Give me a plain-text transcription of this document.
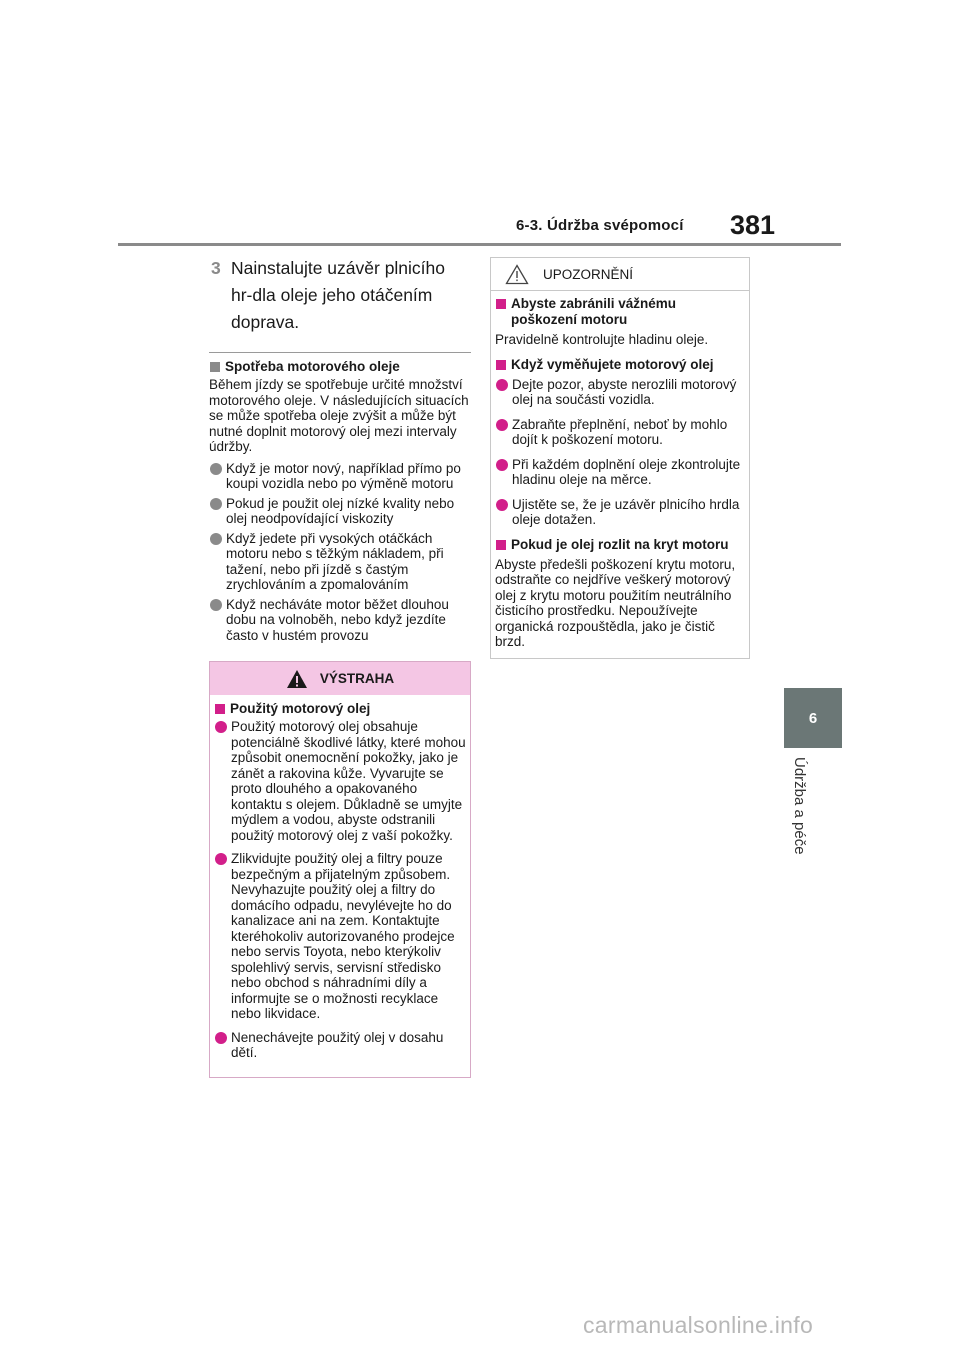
6-3. Údržba svépomocí 381
6
Údržba a péče
3 Nainstalujte uzávěr plnicího hr-dla oleje jeho otáčením doprava.
Spotřeba motorového oleje
Během jízdy se spotřebuje určité množství motorového oleje. V následujících situacích se může spotřeba oleje zvýšit a může být nutné doplnit motorový olej mezi intervaly údržby.
Když je motor nový, například přímo po koupi vozidla nebo po výměně motoru
Pokud je použit olej nízké kvality nebo olej neodpovídající viskozity
Když jedete při vysokých otáčkách motoru nebo s těžkým nákladem, při tažení, nebo při jízdě s častým zrychlováním a zpomalováním
Když necháváte motor běžet dlouhou dobu na volnoběh, nebo když jezdíte často v hustém provozu
VÝSTRAHA
Použitý motorový olej
Použitý motorový olej obsahuje potenciálně škodlivé látky, které mohou způsobit onemocnění pokožky, jako je zánět a rakovina kůže. Vyvarujte se proto dlouhého a opakovaného kontaktu s olejem. Důkladně se umyjte mýdlem a vodou, abyste odstranili použitý motorový olej z vaší pokožky.
Zlikvidujte použitý olej a filtry pouze bezpečným a přijatelným způsobem. Nevyhazujte použitý olej a filtry do domácího odpadu, nevylévejte ho do kanalizace ani na zem. Kontaktujte kteréhokoliv autorizovaného prodejce nebo servis Toyota, nebo kterýkoliv spolehlivý servis, servisní středisko nebo obchod s náhradními díly a informujte se o možnosti recyklace nebo likvidace.
Nenechávejte použitý olej v dosahu dětí.
UPOZORNĚNÍ
Abyste zabránili vážnému poškození motoru
Pravidelně kontrolujte hladinu oleje.
Když vyměňujete motorový olej
Dejte pozor, abyste nerozlili motorový olej na součásti vozidla.
Zabraňte přeplnění, neboť by mohlo dojít k poškození motoru.
Při každém doplnění oleje zkontrolujte hladinu oleje na měrce.
Ujistěte se, že je uzávěr plnicího hrdla oleje dotažen.
Pokud je olej rozlit na kryt motoru
Abyste předešli poškození krytu motoru, odstraňte co nejdříve veškerý motorový olej z krytu motoru použitím neutrálního čisticího prostředku. Nepoužívejte organická rozpouštědla, jako je čistič brzd.
carmanualsonline.info
